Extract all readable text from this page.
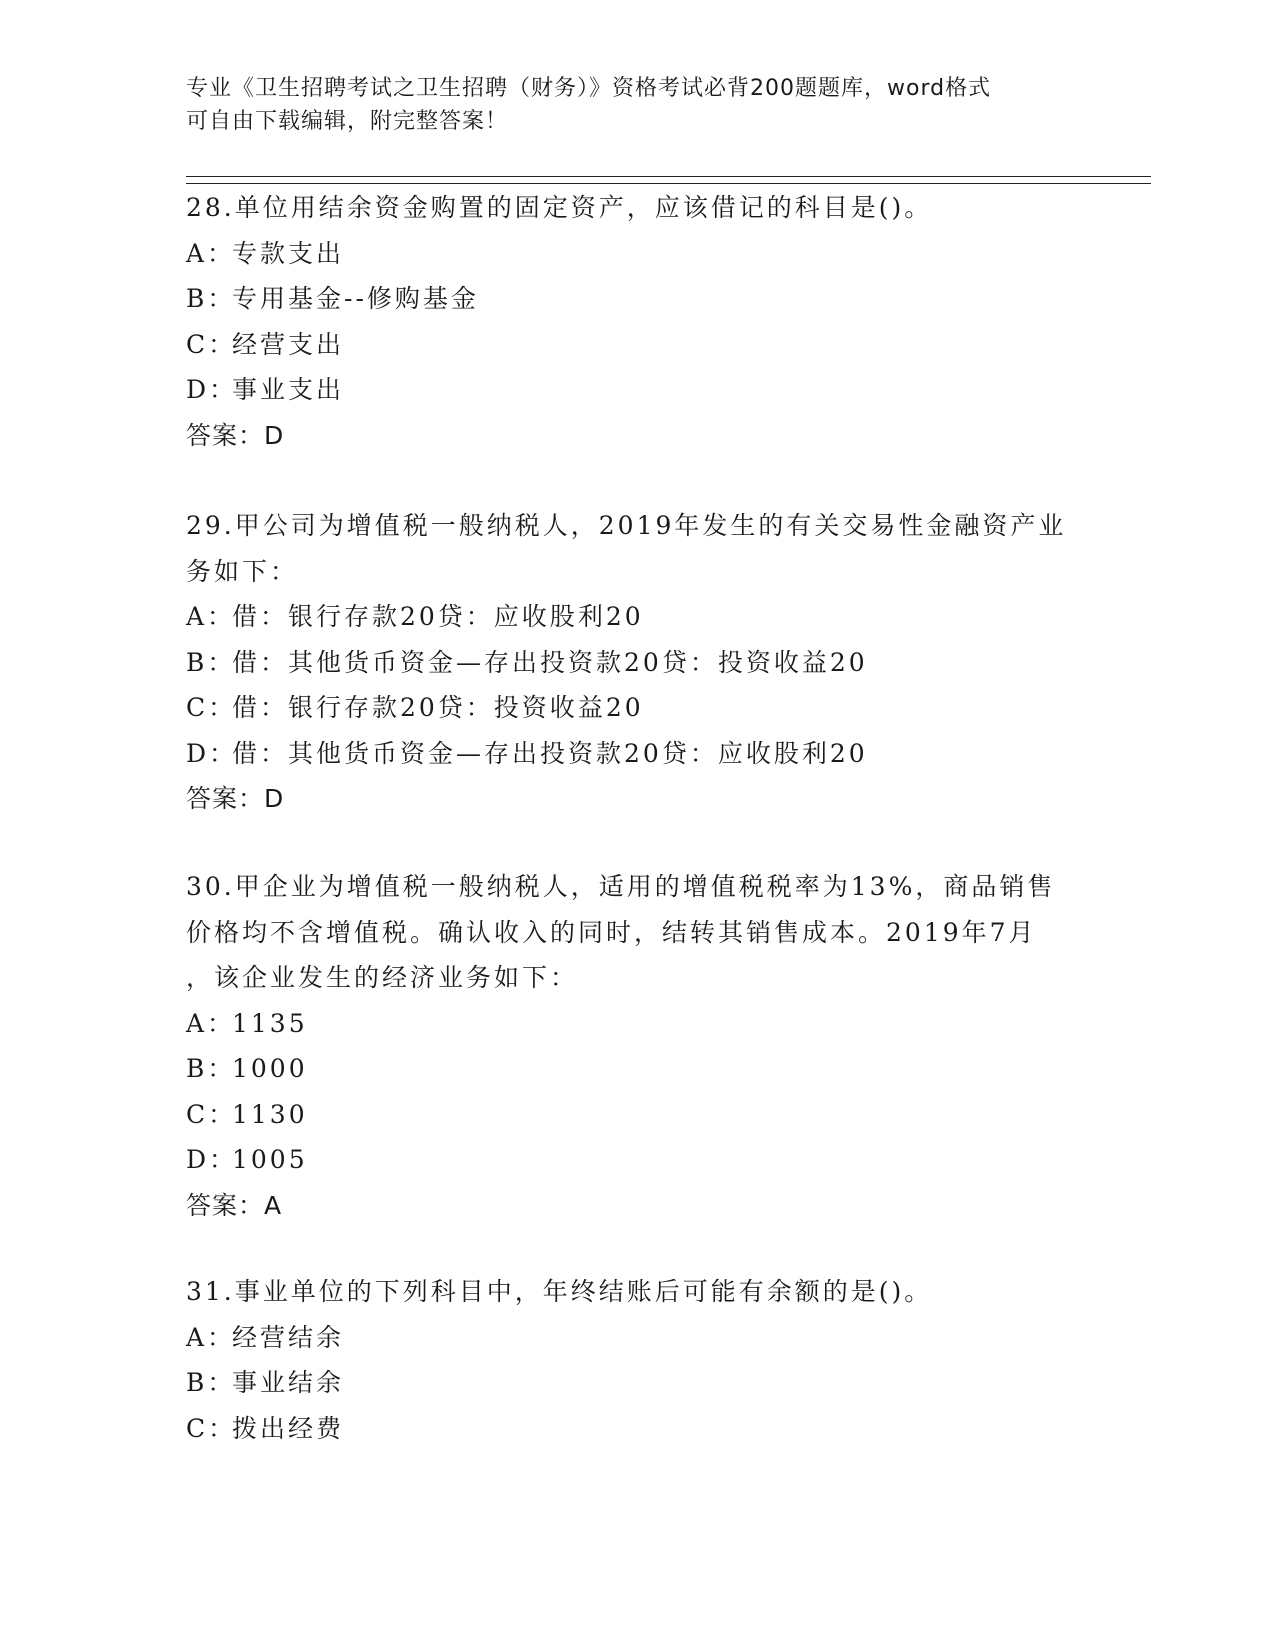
专业《卫生招聘考试之卫生招聘（财务）》资格考试必背200题题库，word格式
可自由下载编辑，附完整答案！
28.单位用结余资金购置的固定资产，应该借记的科目是()。
A：专款支出
B：专用基金--修购基金
C：经营支出
D：事业支出
答案：D
29.甲公司为增值税一般纳税人，2019年发生的有关交易性金融资产业
务如下：
A：借：银行存款20贷：应收股利20
B：借：其他货币资金—存出投资款20贷：投资收益20
C：借：银行存款20贷：投资收益20
D：借：其他货币资金—存出投资款20贷：应收股利20
答案：D
30.甲企业为增值税一般纳税人，适用的增值税税率为13%，商品销售
价格均不含增值税。确认收入的同时，结转其销售成本。2019年7月
，该企业发生的经济业务如下：
A：1135
B：1000
C：1130
D：1005
答案：A
31.事业单位的下列科目中，年终结账后可能有余额的是()。
A：经营结余
B：事业结余
C：拨出经费
